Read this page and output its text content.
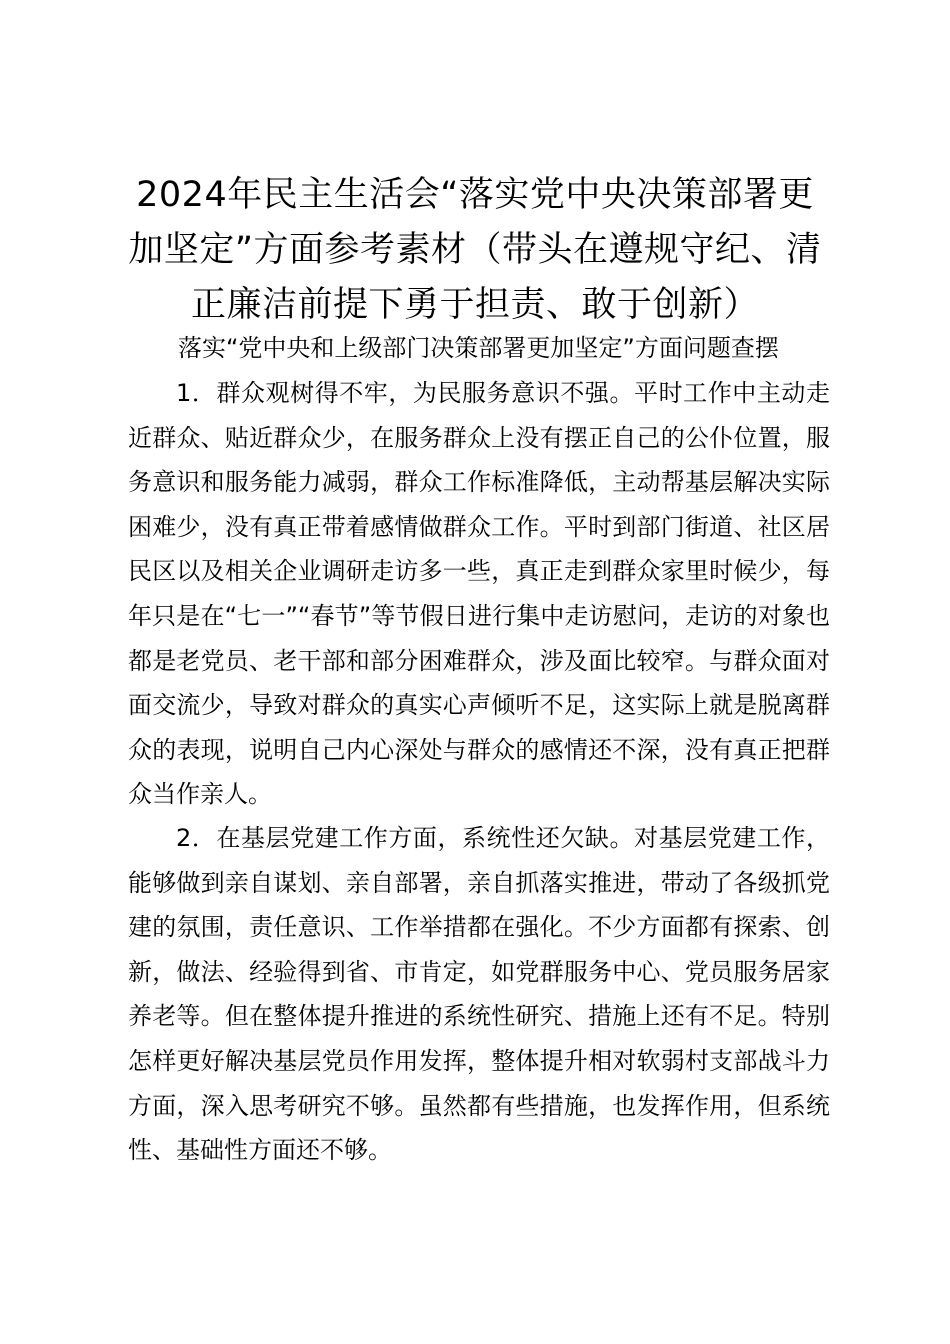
2024年民主生活会“落实党中央决策部署更加坚定”方面参考素材（带头在遵规守纪、清正廉洁前提下勇于担责、敢于创新）

落实“党中央和上级部门决策部署更加坚定”方面问题查摆

1．群众观树得不牢，为民服务意识不强。平时工作中主动走近群众、贴近群众少，在服务群众上没有摆正自己的公仆位置，服务意识和服务能力减弱，群众工作标准降低，主动帮基层解决实际困难少，没有真正带着感情做群众工作。平时到部门街道、社区居民区以及相关企业调研走访多一些，真正走到群众家里时候少，每年只是在“七一”“春节”等节假日进行集中走访慰问，走访的对象也都是老党员、老干部和部分困难群众，涉及面比较窄。与群众面对面交流少，导致对群众的真实心声倾听不足，这实际上就是脱离群众的表现，说明自己内心深处与群众的感情还不深，没有真正把群众当作亲人。

2．在基层党建工作方面，系统性还欠缺。对基层党建工作，能够做到亲自谋划、亲自部署，亲自抓落实推进，带动了各级抓党建的氛围，责任意识、工作举措都在强化。不少方面都有探索、创新，做法、经验得到省、市肯定，如党群服务中心、党员服务居家养老等。但在整体提升推进的系统性研究、措施上还有不足。特别怎样更好解决基层党员作用发挥，整体提升相对软弱村支部战斗力方面，深入思考研究不够。虽然都有些措施，也发挥作用，但系统性、基础性方面还不够。
